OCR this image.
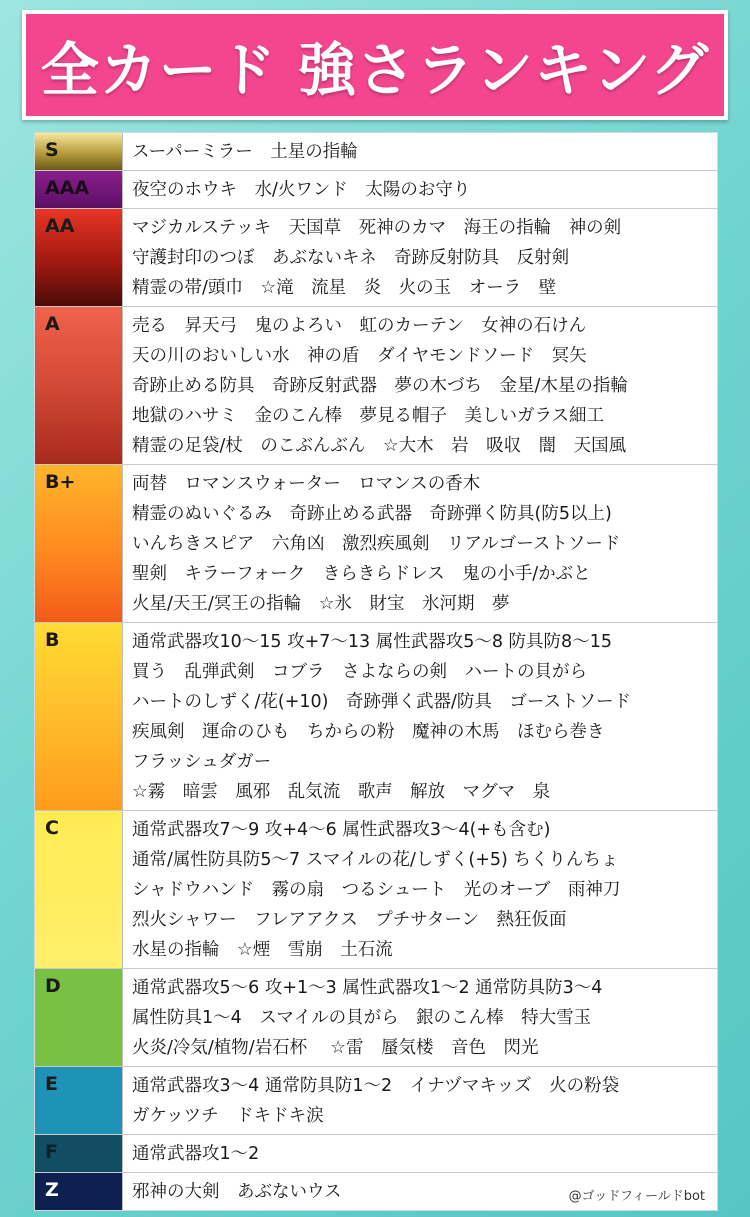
全カード 強さランキング
S	スーパーミラー　土星の指輪
AAA	夜空のホウキ　水/火ワンド　太陽のお守り
AA	マジカルステッキ　天国草　死神のカマ　海王の指輪　神の剣
守護封印のつぼ　あぶないキネ　奇跡反射防具　反射剣
精霊の帯/頭巾　☆滝　流星　炎　火の玉　オーラ　壁
A	売る　昇天弓　鬼のよろい　虹のカーテン　女神の石けん
天の川のおいしい水　神の盾　ダイヤモンドソード　冥矢
奇跡止める防具　奇跡反射武器　夢の木づち　金星/木星の指輪
地獄のハサミ　金のこん棒　夢見る帽子　美しいガラス細工
精霊の足袋/杖　のこぶんぶん　☆大木　岩　吸収　闇　天国風
B+	両替　ロマンスウォーター　ロマンスの香木
精霊のぬいぐるみ　奇跡止める武器　奇跡弾く防具(防5以上)
いんちきスピア　六角凶　激烈疾風剣　リアルゴーストソード
聖剣　キラーフォーク　きらきらドレス　鬼の小手/かぶと
火星/天王/冥王の指輪　☆氷　財宝　氷河期　夢
B	通常武器攻10〜15 攻+7〜13 属性武器攻5〜8 防具防8〜15
買う　乱弾武剣　コブラ　さよならの剣　ハートの貝がら
ハートのしずく/花(+10)　奇跡弾く武器/防具　ゴーストソード
疾風剣　運命のひも　ちからの粉　魔神の木馬　ほむら巻き
フラッシュダガー
☆霧　暗雲　風邪　乱気流　歌声　解放　マグマ　泉
C	通常武器攻7〜9 攻+4〜6 属性武器攻3〜4(+も含む)
通常/属性防具防5〜7 スマイルの花/しずく(+5) ちくりんちょ
シャドウハンド　霧の扇　つるシュート　光のオーブ　雨神刀
烈火シャワー　フレアアクス　プチサターン　熱狂仮面
水星の指輪　☆煙　雪崩　土石流
D	通常武器攻5〜6 攻+1〜3 属性武器攻1〜2 通常防具防3〜4
属性防具1〜4　スマイルの貝がら　銀のこん棒　特大雪玉
火炎/冷気/植物/岩石杯　 ☆雷　蜃気楼　音色　閃光
E	通常武器攻3〜4 通常防具防1〜2　イナヅマキッズ　火の粉袋
ガケッツチ　ドキドキ涙
F	通常武器攻1〜2
Z	邪神の大剣　あぶないウス	@ゴッドフィールドbot
